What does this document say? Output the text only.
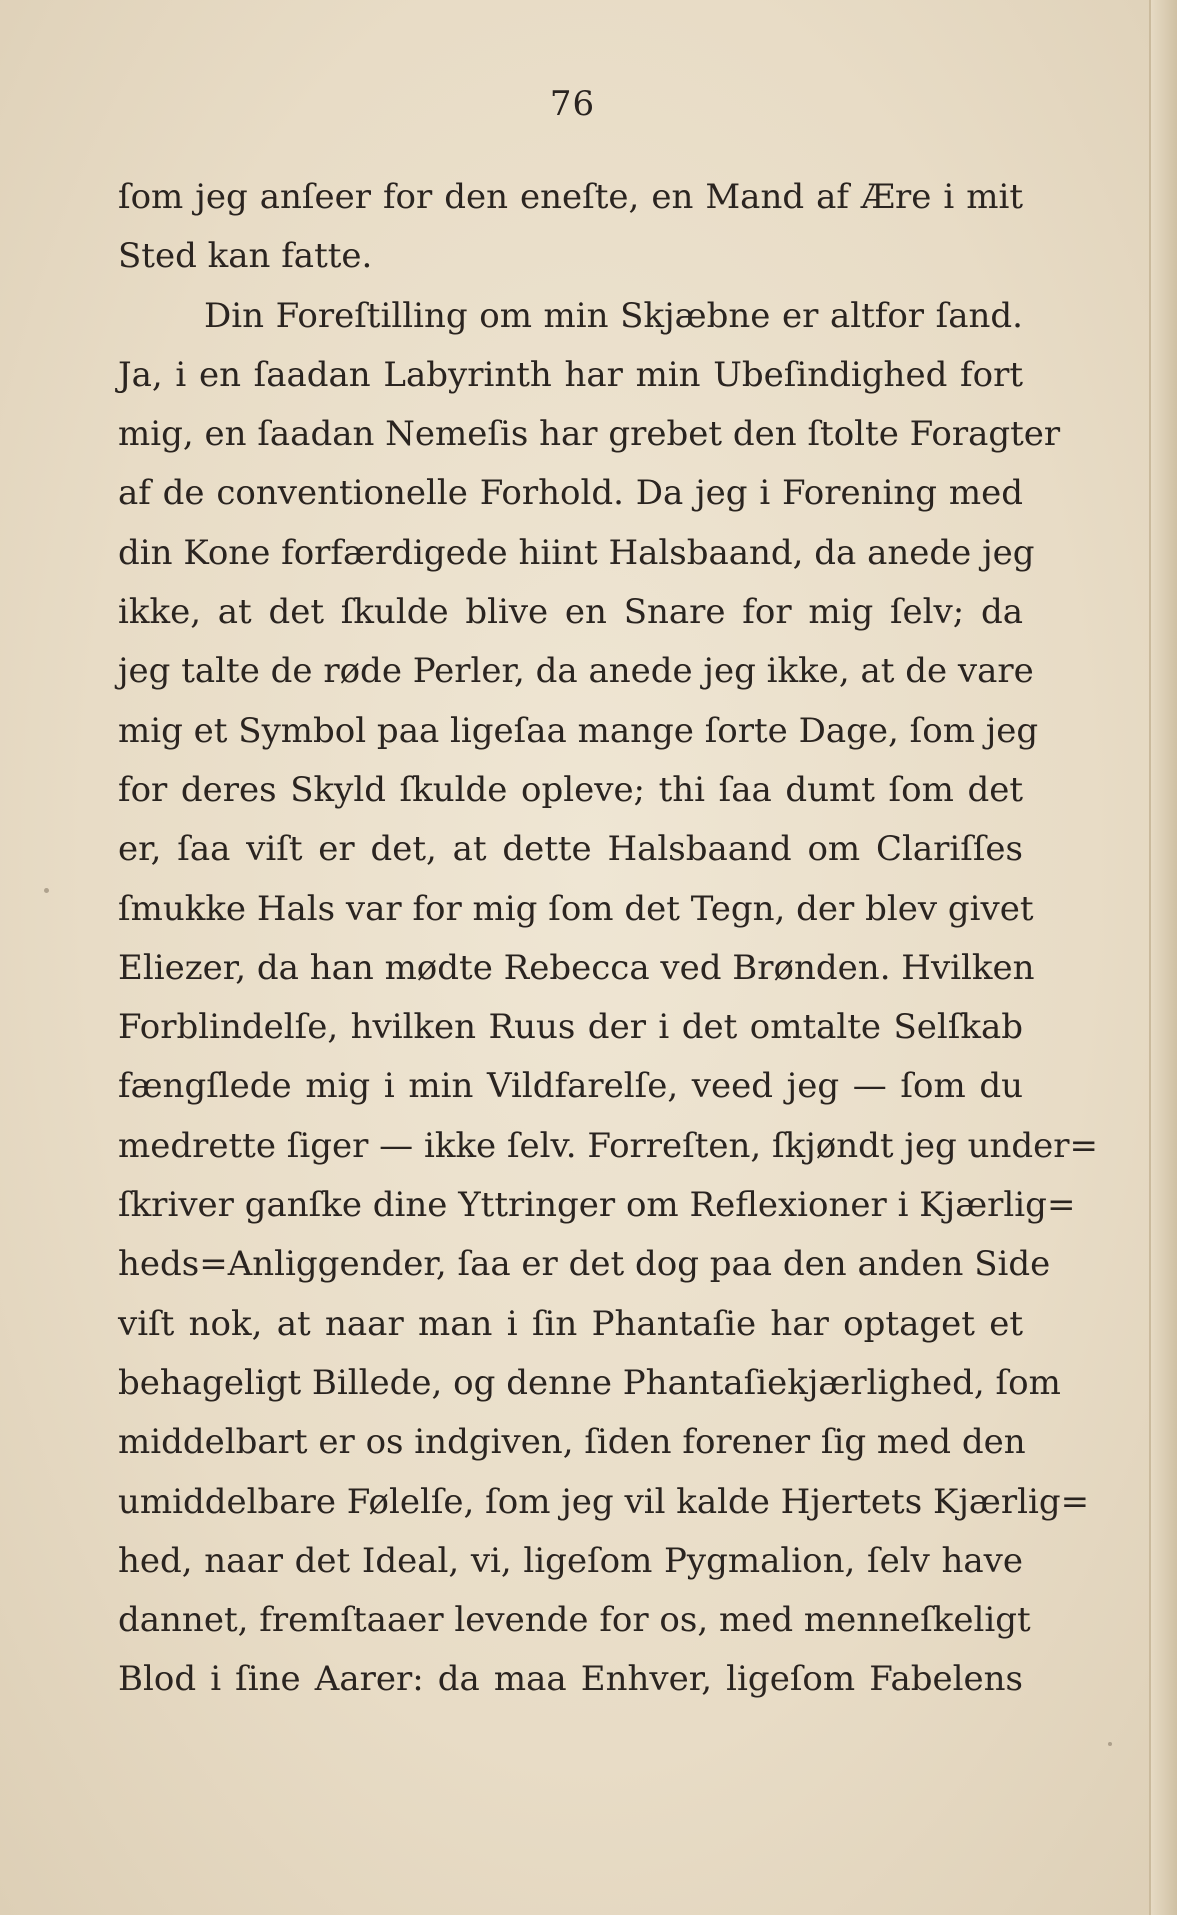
76
ſom jeg anſeer for den eneſte, en Mand af Ære i mit
Sted kan fatte.
Din Foreſtilling om min Skjæbne er altfor ſand.
Ja, i en ſaadan Labyrinth har min Ubeſindighed fort
mig, en ſaadan Nemeſis har grebet den ſtolte Foragter
af de conventionelle Forhold. Da jeg i Forening med
din Kone forfærdigede hiint Halsbaand, da anede jeg
ikke, at det ſkulde blive en Snare for mig ſelv; da
jeg talte de røde Perler, da anede jeg ikke, at de vare
mig et Symbol paa ligeſaa mange ſorte Dage, ſom jeg
for deres Skyld ſkulde opleve; thi ſaa dumt ſom det
er, ſaa viſt er det, at dette Halsbaand om Clariſſes
ſmukke Hals var for mig ſom det Tegn, der blev givet
Eliezer, da han mødte Rebecca ved Brønden. Hvilken
Forblindelſe, hvilken Ruus der i det omtalte Selſkab
fængſlede mig i min Vildfarelſe, veed jeg — ſom du
medrette ſiger — ikke ſelv. Forreſten, ſkjøndt jeg under=
ſkriver ganſke dine Yttringer om Reflexioner i Kjærlig=
heds=Anliggender, ſaa er det dog paa den anden Side
viſt nok, at naar man i ſin Phantaſie har optaget et
behageligt Billede, og denne Phantaſiekjærlighed, ſom
middelbart er os indgiven, ſiden forener ſig med den
umiddelbare Følelſe, ſom jeg vil kalde Hjertets Kjærlig=
hed, naar det Ideal, vi, ligeſom Pygmalion, ſelv have
dannet, fremſtaaer levende for os, med menneſkeligt
Blod i ſine Aarer: da maa Enhver, ligeſom Fabelens
